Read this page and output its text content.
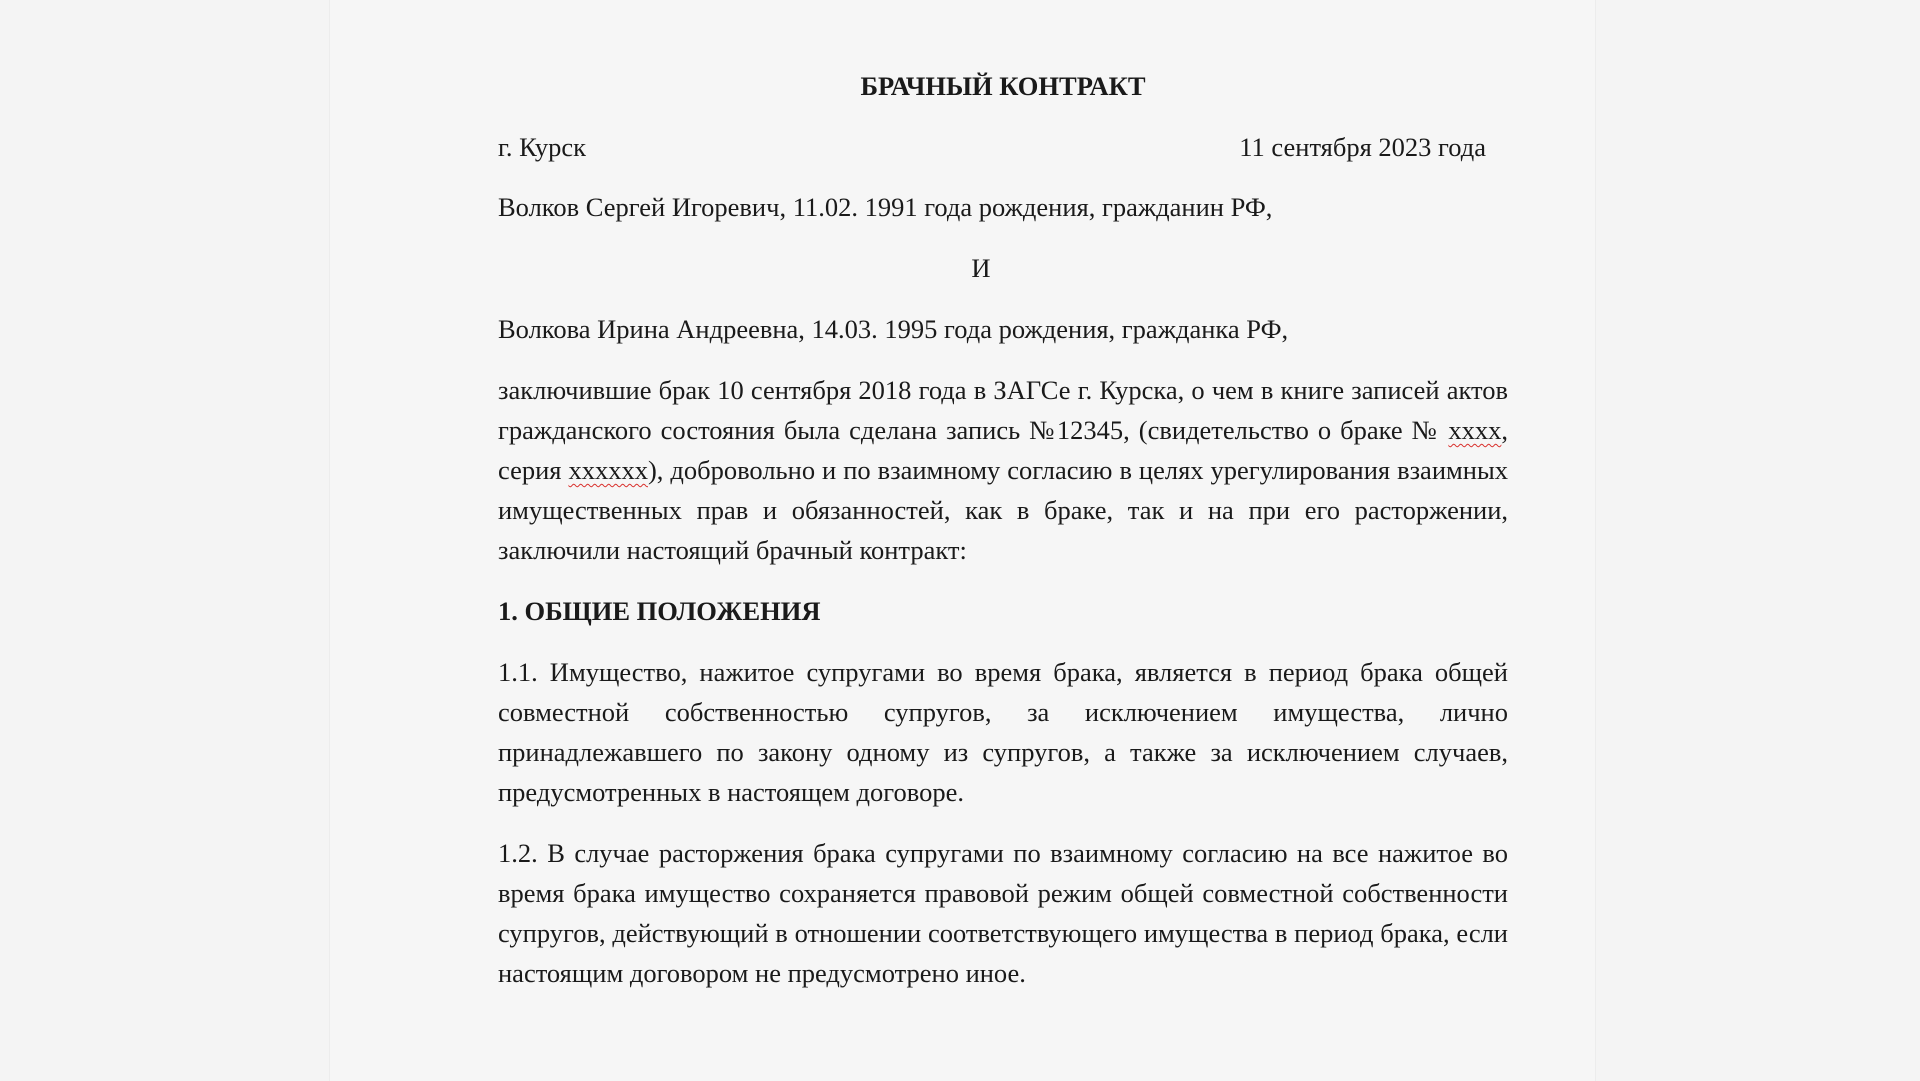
БРАЧНЫЙ КОНТРАКТ
г. Курск	11 сентября 2023 года
Волков Сергей Игоревич, 11.02. 1991 года рождения, гражданин РФ,
И
Волкова Ирина Андреевна, 14.03. 1995 года рождения, гражданка РФ,
заключившие брак 10 сентября 2018 года в ЗАГСе г. Курска, о чем в книге записей актов гражданского состояния была сделана запись №12345, (свидетельство о браке № хххх, серия хххххх), добровольно и по взаимному согласию в целях урегулирования взаимных имущественных прав и обязанностей, как в браке, так и на при его расторжении, заключили настоящий брачный контракт:
1. ОБЩИЕ ПОЛОЖЕНИЯ
1.1. Имущество, нажитое супругами во время брака, является в период брака общей совместной собственностью супругов, за исключением имущества, лично принадлежавшего по закону одному из супругов, а также за исключением случаев, предусмотренных в настоящем договоре.
1.2. В случае расторжения брака супругами по взаимному согласию на все нажитое во время брака имущество сохраняется правовой режим общей совместной собственности супругов, действующий в отношении соответствующего имущества в период брака, если настоящим договором не предусмотрено иное.
